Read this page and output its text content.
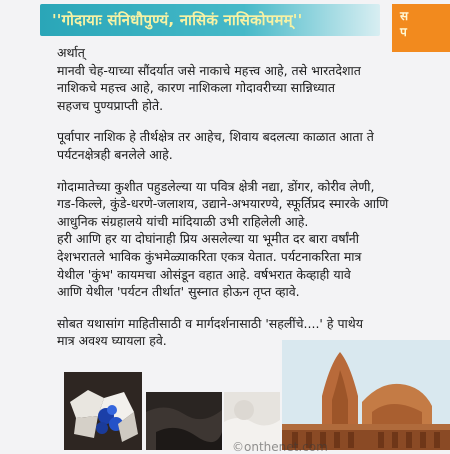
''गोदायाः संनिधौपुण्यं, नासिकं नासिकोपमम्''	स
प

अर्थात्
मानवी चेह-याच्या सौंदर्यात जसे नाकाचे महत्त्व आहे, तसे भारतदेशात
नाशिकचे महत्त्व आहे, कारण नाशिकला गोदावरीच्या सान्निध्यात
सहजच पुण्यप्राप्ती होते.

पूर्वापार नाशिक हे तीर्थक्षेत्र तर आहेच, शिवाय बदलत्या काळात आता ते
पर्यटनक्षेत्रही बनलेले आहे.

गोदामातेच्या कुशीत पहुडलेल्या या पवित्र क्षेत्री नद्या, डोंगर, कोरीव लेणी,
गड-किल्ले, कुंडे-धरणे-जलाशय, उद्याने-अभयारण्ये, स्फूर्तिप्रद स्मारके आणि
आधुनिक संग्रहालये यांची मांदियाळी उभी राहिलेली आहे.
हरी आणि हर या दोघांनाही प्रिय असलेल्या या भूमीत दर बारा वर्षांनी
देशभरातले भाविक कुंभमेळ्याकरिता एकत्र येतात. पर्यटनाकरिता मात्र
येथील 'कुंभ' कायमचा ओसंडून वहात आहे. वर्षभरात केव्हाही यावे
आणि येथील 'पर्यटन तीर्थात' सुस्नात होऊन तृप्त व्हावे.

सोबत यथासांग माहितीसाठी व मार्गदर्शनासाठी 'सहलींचे....' हे पाथेय
मात्र अवश्य घ्यायला हवे.

©onthenet.com
